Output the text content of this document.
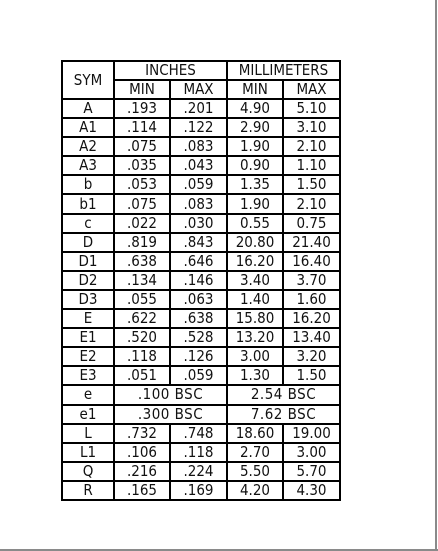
SYM	INCHES		MILLIMETERS	
	MIN	MAX	MIN	MAX
A	.193	.201	4.90	5.10
A1	.114	.122	2.90	3.10
A2	.075	.083	1.90	2.10
A3	.035	.043	0.90	1.10
b	.053	.059	1.35	1.50
b1	.075	.083	1.90	2.10
c	.022	.030	0.55	0.75
D	.819	.843	20.80	21.40
D1	.638	.646	16.20	16.40
D2	.134	.146	3.40	3.70
D3	.055	.063	1.40	1.60
E	.622	.638	15.80	16.20
E1	.520	.528	13.20	13.40
E2	.118	.126	3.00	3.20
E3	.051	.059	1.30	1.50
e	.100 BSC		2.54 BSC	
e1	.300 BSC		7.62 BSC	
L	.732	.748	18.60	19.00
L1	.106	.118	2.70	3.00
Q	.216	.224	5.50	5.70
R	.165	.169	4.20	4.30
